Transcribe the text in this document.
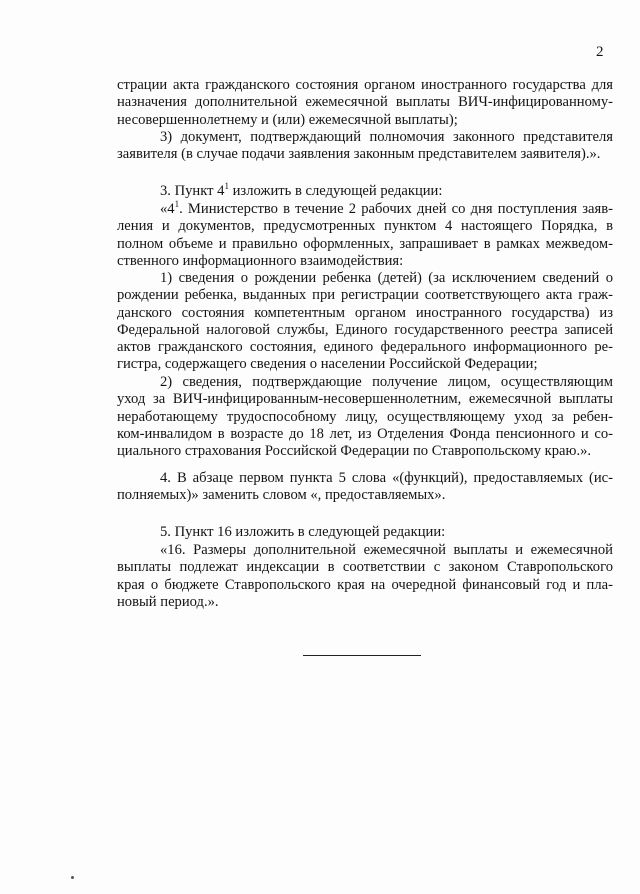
2
страции акта гражданского состояния органом иностранного государства для
назначения дополнительной ежемесячной выплаты ВИЧ-инфицированному-
несовершеннолетнему и (или) ежемесячной выплаты);
3) документ, подтверждающий полномочия законного представителя
заявителя (в случае подачи заявления законным представителем заявителя).».
3. Пункт $4^1$ изложить в следующей редакции:
«$4^1$. Министерство в течение 2 рабочих дней со дня поступления заяв-
ления и документов, предусмотренных пунктом 4 настоящего Порядка, в
полном объеме и правильно оформленных, запрашивает в рамках межведом-
ственного информационного взаимодействия:
1) сведения о рождении ребенка (детей) (за исключением сведений о
рождении ребенка, выданных при регистрации соответствующего акта граж-
данского состояния компетентным органом иностранного государства) из
Федеральной налоговой службы, Единого государственного реестра записей
актов гражданского состояния, единого федерального информационного ре-
гистра, содержащего сведения о населении Российской Федерации;
2) сведения, подтверждающие получение лицом, осуществляющим
уход за ВИЧ-инфицированным-несовершеннолетним, ежемесячной выплаты
неработающему трудоспособному лицу, осуществляющему уход за ребен-
ком-инвалидом в возрасте до 18 лет, из Отделения Фонда пенсионного и со-
циального страхования Российской Федерации по Ставропольскому краю.».
4. В абзаце первом пункта 5 слова «(функций), предоставляемых (ис-
полняемых)» заменить словом «, предоставляемых».
5. Пункт 16 изложить в следующей редакции:
«16. Размеры дополнительной ежемесячной выплаты и ежемесячной
выплаты подлежат индексации в соответствии с законом Ставропольского
края о бюджете Ставропольского края на очередной финансовый год и пла-
новый период.».
